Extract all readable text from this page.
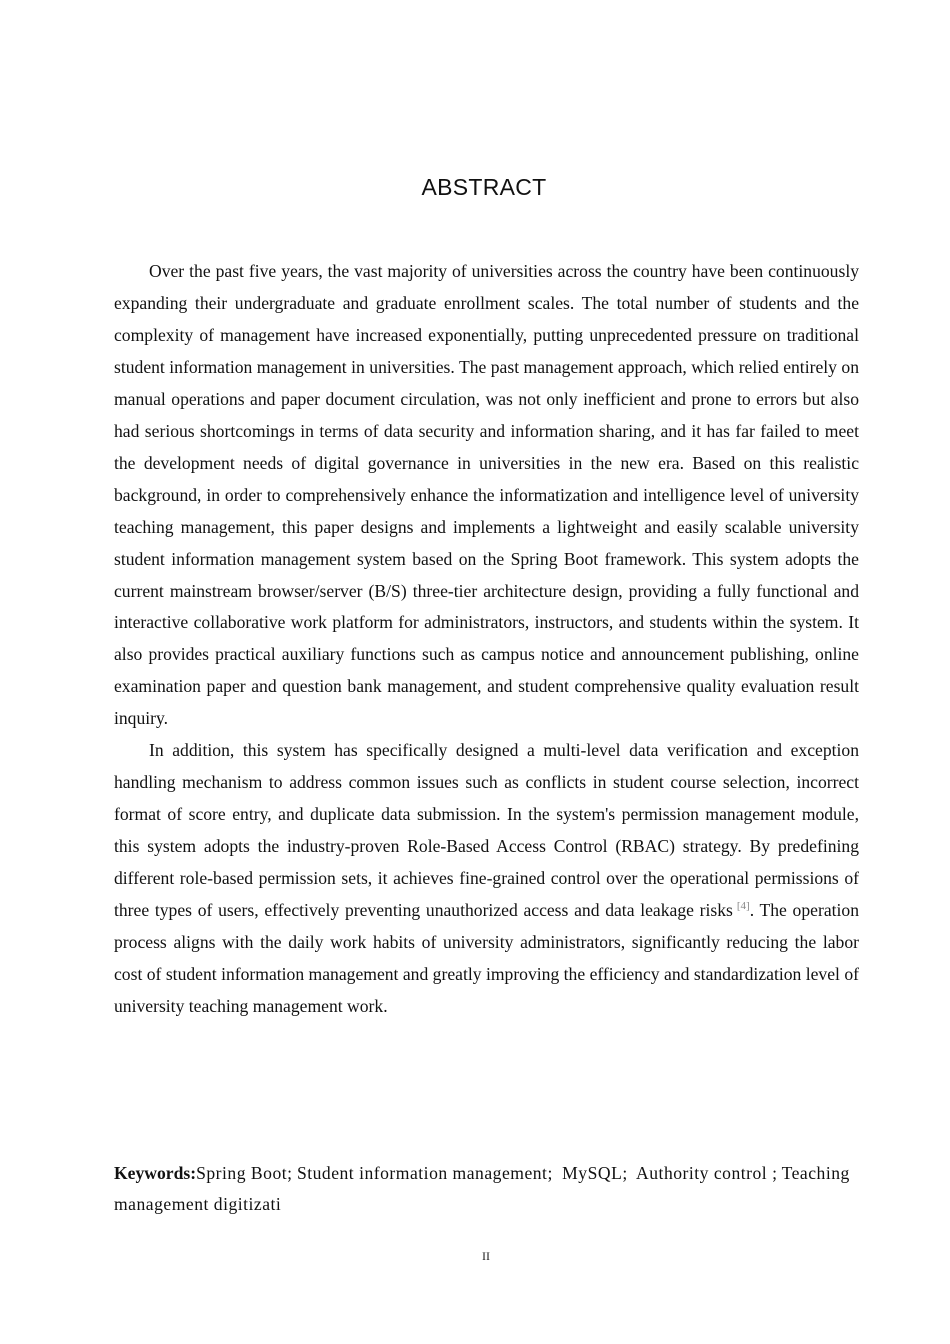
ABSTRACT

Over the past five years, the vast majority of universities across the country have been continuously expanding their undergraduate and graduate enrollment scales. The total number of students and the complexity of management have increased exponentially, putting unprecedented pressure on traditional student information management in universities. The past management approach, which relied entirely on manual operations and paper document circulation, was not only inefficient and prone to errors but also had serious shortcomings in terms of data security and information sharing, and it has far failed to meet the development needs of digital governance in universities in the new era. Based on this realistic background, in order to comprehensively enhance the informatization and intelligence level of university teaching management, this paper designs and implements a lightweight and easily scalable university student information management system based on the Spring Boot framework. This system adopts the current mainstream browser/server (B/S) three-tier architecture design, providing a fully functional and interactive collaborative work platform for administrators, instructors, and students within the system. It also provides practical auxiliary functions such as campus notice and announcement publishing, online examination paper and question bank management, and student comprehensive quality evaluation result inquiry.

In addition, this system has specifically designed a multi-level data verification and exception handling mechanism to address common issues such as conflicts in student course selection, incorrect format of score entry, and duplicate data submission. In the system's permission management module, this system adopts the industry-proven Role-Based Access Control (RBAC) strategy. By predefining different role-based permission sets, it achieves fine-grained control over the operational permissions of three types of users, effectively preventing unauthorized access and data leakage risks [4]. The operation process aligns with the daily work habits of university administrators, significantly reducing the labor cost of student information management and greatly improving the efficiency and standardization level of university teaching management work.

Keywords:Spring Boot; Student information management; MySQL; Authority control ; Teaching management digitizati
II
